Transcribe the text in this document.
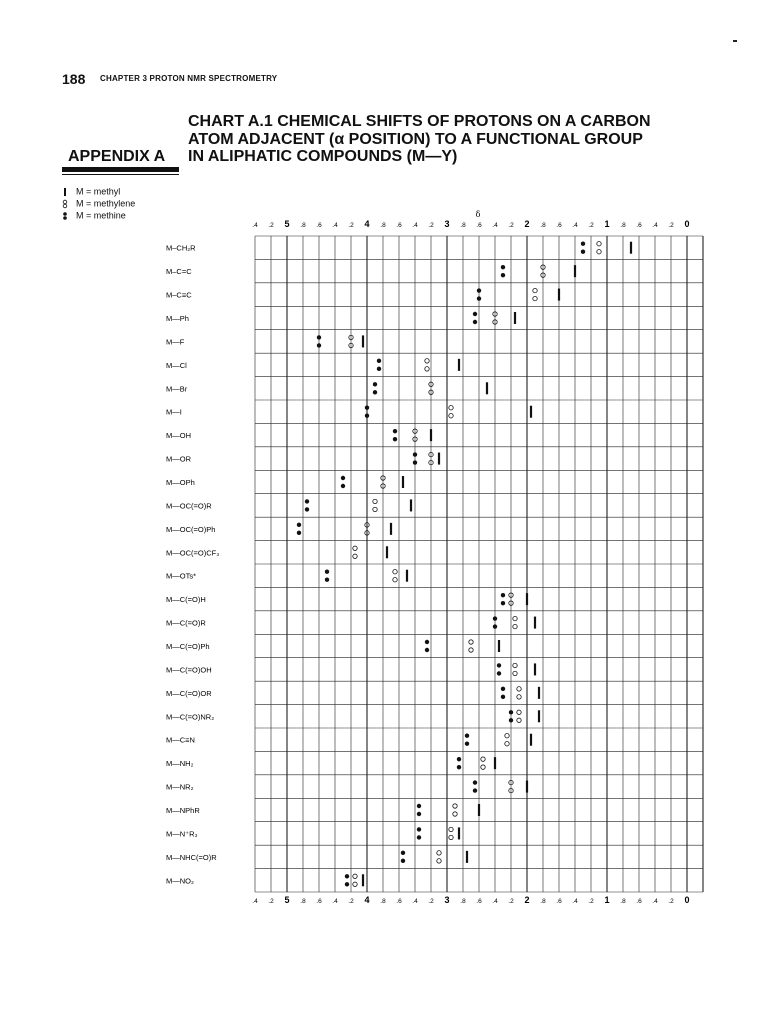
188 CHAPTER 3 PROTON NMR SPECTROMETRY
CHART A.1 CHEMICAL SHIFTS OF PROTONS ON A CARBON
ATOM ADJACENT (α POSITION) TO A FUNCTIONAL GROUP
IN ALIPHATIC COMPOUNDS (M—Y)
APPENDIX A
M = methyl
M = methylene
M = methine	δ
.4
.4
.2
.2
5
5
.8
.8
.6
.6
.4
.4
.2
.2
4
4
.8
.8
.6
.6
.4
.4
.2
.2
3
3
.8
.8
.6
.6
.4
.4
.2
.2
2
2
.8
.8
.6
.6
.4
.4
.2
.2
1
1
.8
.8
.6
.6
.4
.4
.2
.2
0
0
M–CH₂R
M–C=C
M–C≡C
M—Ph
M—F
M—Cl
M—Br
M—I
M—OH
M—OR
M—OPh
M—OC(=O)R
M—OC(=O)Ph
M—OC(=O)CF₃
M—OTs*
M—C(=O)H
M—C(=O)R
M—C(=O)Ph
M—C(=O)OH
M—C(=O)OR
M—C(=O)NR₂
M—C≡N
M—NH₂
M—NR₂
M—NPhR
M—N⁺R₃
M—NHC(=O)R
M—NO₂
